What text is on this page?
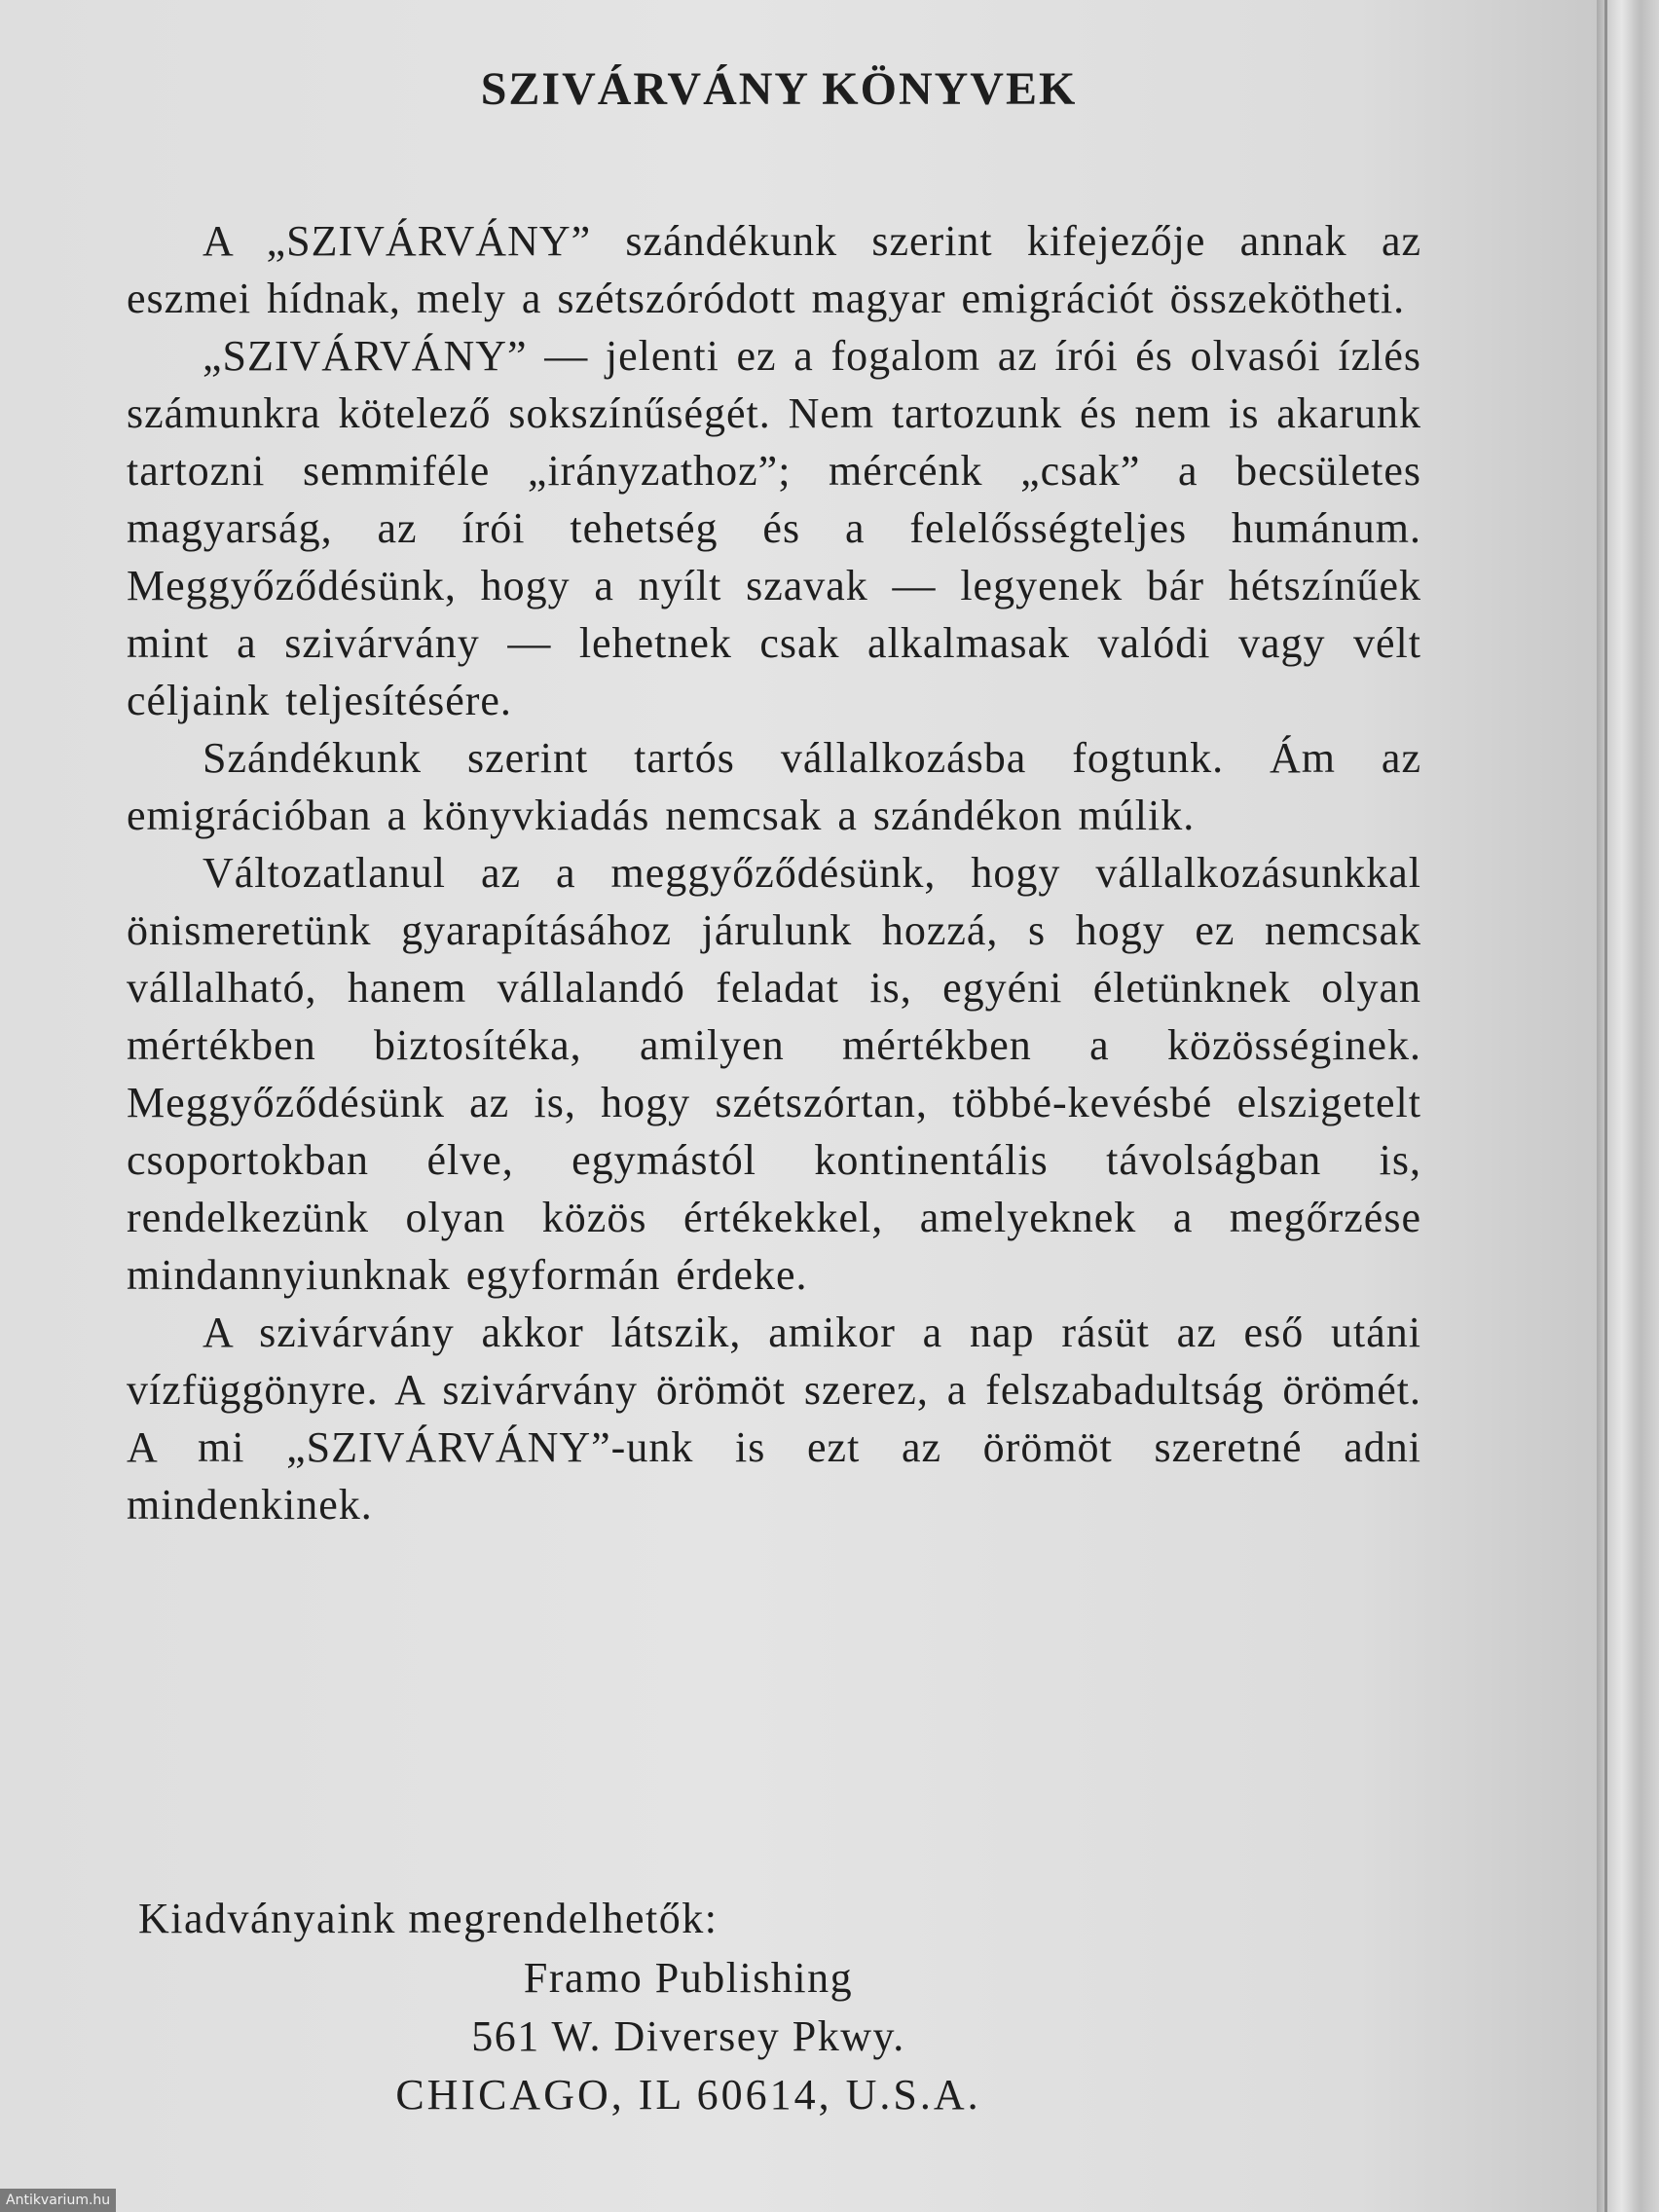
SZIVÁRVÁNY KÖNYVEK

A „SZIVÁRVÁNY” szándékunk szerint kifejezője annak az eszmei hídnak, mely a szétszóródott magyar emigrációt összekötheti.

„SZIVÁRVÁNY” — jelenti ez a fogalom az írói és olvasói ízlés számunkra kötelező sokszínűségét. Nem tartozunk és nem is akarunk tartozni semmiféle „irányzathoz”; mércénk „csak” a becsületes magyarság, az írói tehetség és a felelősségteljes humánum. Meggyőződésünk, hogy a nyílt szavak — legyenek bár hétszínűek mint a szivárvány — lehetnek csak alkalmasak valódi vagy vélt céljaink teljesítésére.

Szándékunk szerint tartós vállalkozásba fogtunk. Ám az emigrációban a könyvkiadás nemcsak a szándékon múlik.

Változatlanul az a meggyőződésünk, hogy vállalkozásunkkal önismeretünk gyarapításához járulunk hozzá, s hogy ez nemcsak vállalható, hanem vállalandó feladat is, egyéni életünknek olyan mértékben biztosítéka, amilyen mértékben a közösséginek. Meggyőződésünk az is, hogy szétszórtan, többé-kevésbé elszigetelt csoportokban élve, egymástól kontinentális távolságban is, rendelkezünk olyan közös értékekkel, amelyeknek a megőrzése mindannyiunknak egyformán érdeke.

A szivárvány akkor látszik, amikor a nap rásüt az eső utáni vízfüggönyre. A szivárvány örömöt szerez, a felszabadultság örömét. A mi „SZIVÁRVÁNY”-unk is ezt az örömöt szeretné adni mindenkinek.

Kiadványaink megrendelhetők:
Framo Publishing
561 W. Diversey Pkwy.
CHICAGO, IL 60614, U.S.A.
Antikvarium.hu
